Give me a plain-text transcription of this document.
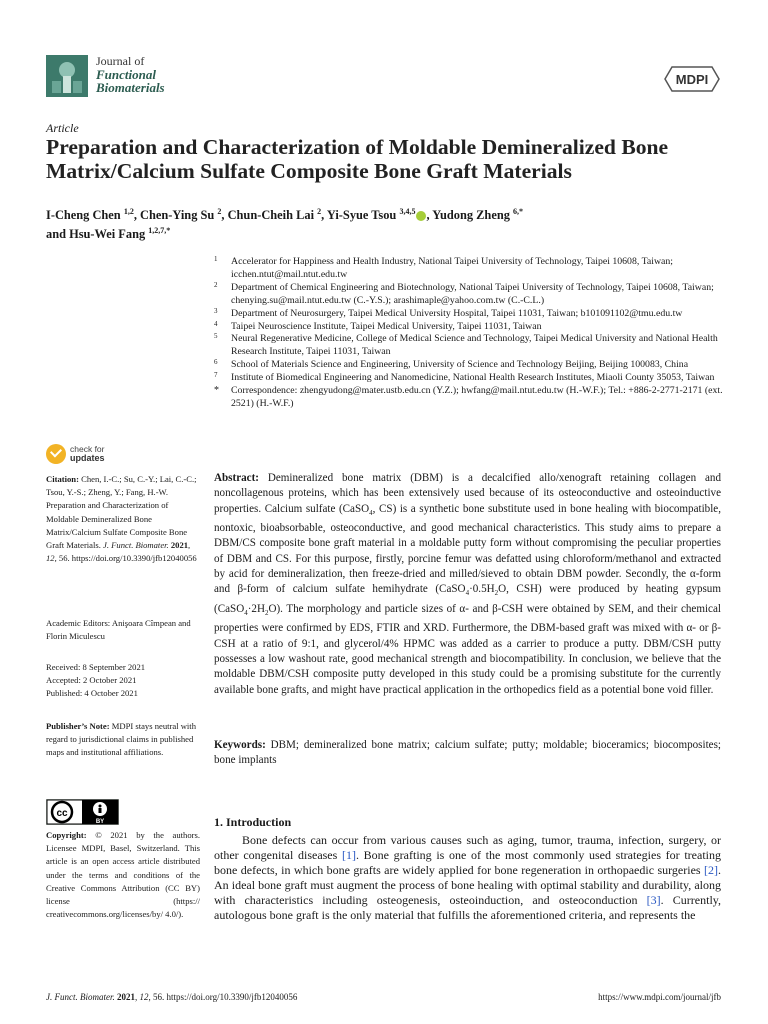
Journal of
Functional
Biomaterials
MDPI
Article
Preparation and Characterization of Moldable Demineralized Bone Matrix/Calcium Sulfate Composite Bone Graft Materials
I-Cheng Chen $^{1,2}$, Chen-Ying Su $^2$, Chun-Cheih Lai $^2$, Yi-Syue Tsou $^{3,4,5}$ , Yudong Zheng $^{6,*}$
and Hsu-Wei Fang $^{1,2,7,*}$
1 Accelerator for Happiness and Health Industry, National Taipei University of Technology, Taipei 10608, Taiwan; icchen.ntut@mail.ntut.edu.tw
2 Department of Chemical Engineering and Biotechnology, National Taipei University of Technology, Taipei 10608, Taiwan; chenying.su@mail.ntut.edu.tw (C.-Y.S.); arashimaple@yahoo.com.tw (C.-C.L.)
3 Department of Neurosurgery, Taipei Medical University Hospital, Taipei 11031, Taiwan; b101091102@tmu.edu.tw
4 Taipei Neuroscience Institute, Taipei Medical University, Taipei 11031, Taiwan
5 Neural Regenerative Medicine, College of Medical Science and Technology, Taipei Medical University and National Health Research Institute, Taipei 11031, Taiwan
6 School of Materials Science and Engineering, University of Science and Technology Beijing, Beijing 100083, China
7 Institute of Biomedical Engineering and Nanomedicine, National Health Research Institutes, Miaoli County 35053, Taiwan
* Correspondence: zhengyudong@mater.ustb.edu.cn (Y.Z.); hwfang@mail.ntut.edu.tw (H.-W.F.); Tel.: +886-2-2771-2171 (ext. 2521) (H.-W.F.)
check for
updates
Citation: Chen, I.-C.; Su, C.-Y.; Lai, C.-C.; Tsou, Y.-S.; Zheng, Y.; Fang, H.-W. Preparation and Characterization of Moldable Demineralized Bone Matrix/Calcium Sulfate Composite Bone Graft Materials. J. Funct. Biomater. 2021, 12, 56. https://doi.org/10.3390/jfb12040056
Academic Editors: Anişoara Cîmpean and Florin Miculescu
Received: 8 September 2021
Accepted: 2 October 2021
Published: 4 October 2021
Publisher’s Note: MDPI stays neutral with regard to jurisdictional claims in published maps and institutional affiliations.
cc
BY
Copyright: © 2021 by the authors. Licensee MDPI, Basel, Switzerland. This article is an open access article distributed under the terms and conditions of the Creative Commons Attribution (CC BY) license (https:// creativecommons.org/licenses/by/ 4.0/).
Abstract: Demineralized bone matrix (DBM) is a decalcified allo/xenograft retaining collagen and noncollagenous proteins, which has been extensively used because of its osteoconductive and osteoinductive properties. Calcium sulfate (CaSO$_4$, CS) is a synthetic bone substitute used in bone healing with biocompatible, nontoxic, bioabsorbable, osteoconductive, and good mechanical characteristics. This study aims to prepare a DBM/CS composite bone graft material in a moldable putty form without compromising the peculiar properties of DBM and CS. For this purpose, firstly, porcine femur was defatted using chloroform/methanol and extracted by acid for demineralization, then freeze-dried and milled/sieved to obtain DBM powder. Secondly, the α-form and β-form of calcium sulfate hemihydrate ($CaSO_4\cdot 0.5H_2O$, CSH) were produced by heating gypsum $(CaSO_4\cdot 2H_2O)$. The morphology and particle sizes of α- and β-CSH were obtained by SEM, and their chemical properties were confirmed by EDS, FTIR and XRD. Furthermore, the DBM-based graft was mixed with α- or β-CSH at a ratio of 9:1, and glycerol/4% HPMC was added as a carrier to produce a putty. DBM/CSH putty possesses a low washout rate, good mechanical strength and biocompatibility. In conclusion, we believe that the moldable DBM/CSH composite putty developed in this study could be a promising substitute for the currently available bone grafts, and might have practical application in the orthopedics field as a potential bone void filler.
Keywords: DBM; demineralized bone matrix; calcium sulfate; putty; moldable; bioceramics; biocomposites; bone implants
1. Introduction
Bone defects can occur from various causes such as aging, tumor, trauma, infection, surgery, or other congenital diseases [1]. Bone grafting is one of the most commonly used strategies for treating bone defects, in which bone grafts are widely applied for bone regeneration in orthopaedic surgeries [2]. An ideal bone graft must augment the process of bone healing with optimal stability and durability, along with characteristics including osteogenesis, osteoinduction, and osteoconduction [3]. Currently, autologous bone graft is the only material that fulfills the aforementioned criteria, and represents the
J. Funct. Biomater. 2021, 12, 56. https://doi.org/10.3390/jfb12040056	https://www.mdpi.com/journal/jfb
